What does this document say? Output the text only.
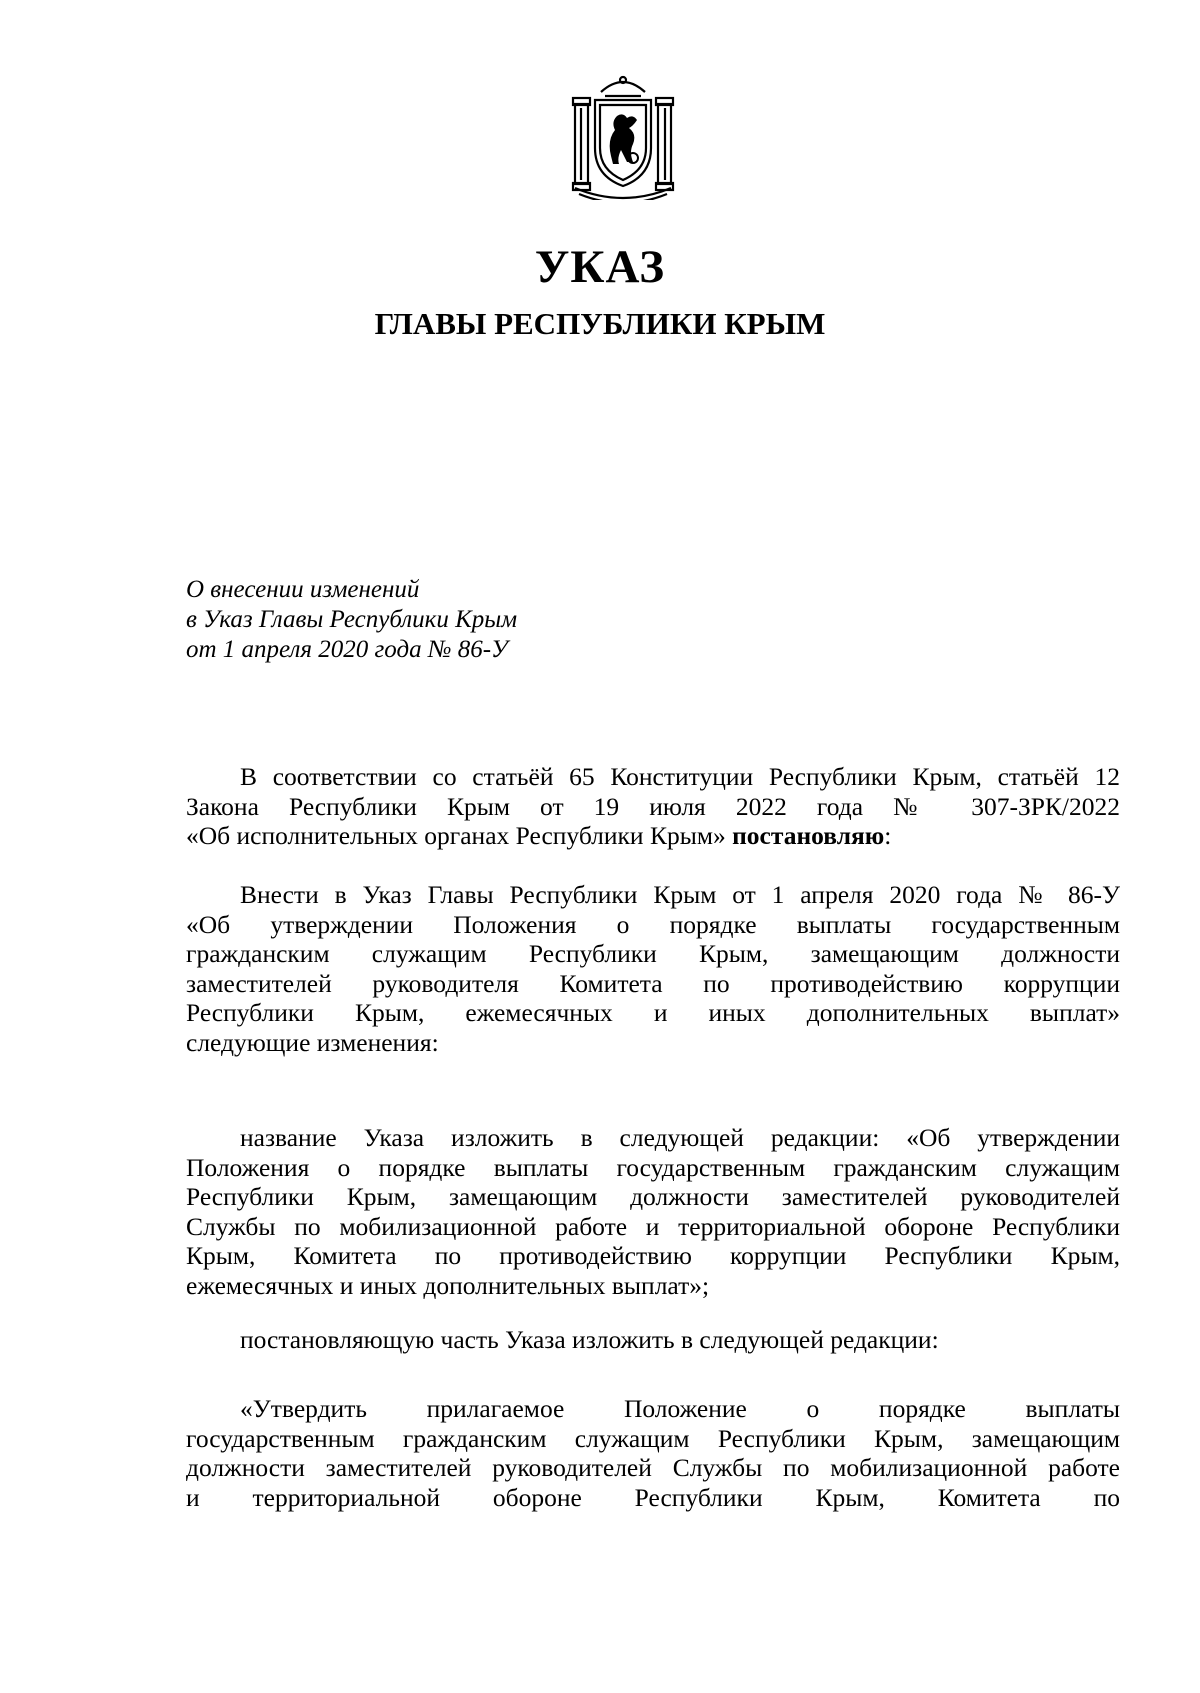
УКАЗ
ГЛАВЫ РЕСПУБЛИКИ КРЫМ
О внесении изменений
в Указ Главы Республики Крым
от 1 апреля 2020 года № 86-У
В соответствии со статьёй 65 Конституции Республики Крым, статьёй 12
Закона Республики Крым от 19 июля 2022 года № 307-ЗРК/2022
«Об исполнительных органах Республики Крым» постановляю:
Внести в Указ Главы Республики Крым от 1 апреля 2020 года № 86-У
«Об утверждении Положения о порядке выплаты государственным
гражданским служащим Республики Крым, замещающим должности
заместителей руководителя Комитета по противодействию коррупции
Республики Крым, ежемесячных и иных дополнительных выплат»
следующие изменения:
название Указа изложить в следующей редакции: «Об утверждении
Положения о порядке выплаты государственным гражданским служащим
Республики Крым, замещающим должности заместителей руководителей
Службы по мобилизационной работе и территориальной обороне Республики
Крым, Комитета по противодействию коррупции Республики Крым,
ежемесячных и иных дополнительных выплат»;
постановляющую часть Указа изложить в следующей редакции:
«Утвердить прилагаемое Положение о порядке выплаты
государственным гражданским служащим Республики Крым, замещающим
должности заместителей руководителей Службы по мобилизационной работе
и территориальной обороне Республики Крым, Комитета по
